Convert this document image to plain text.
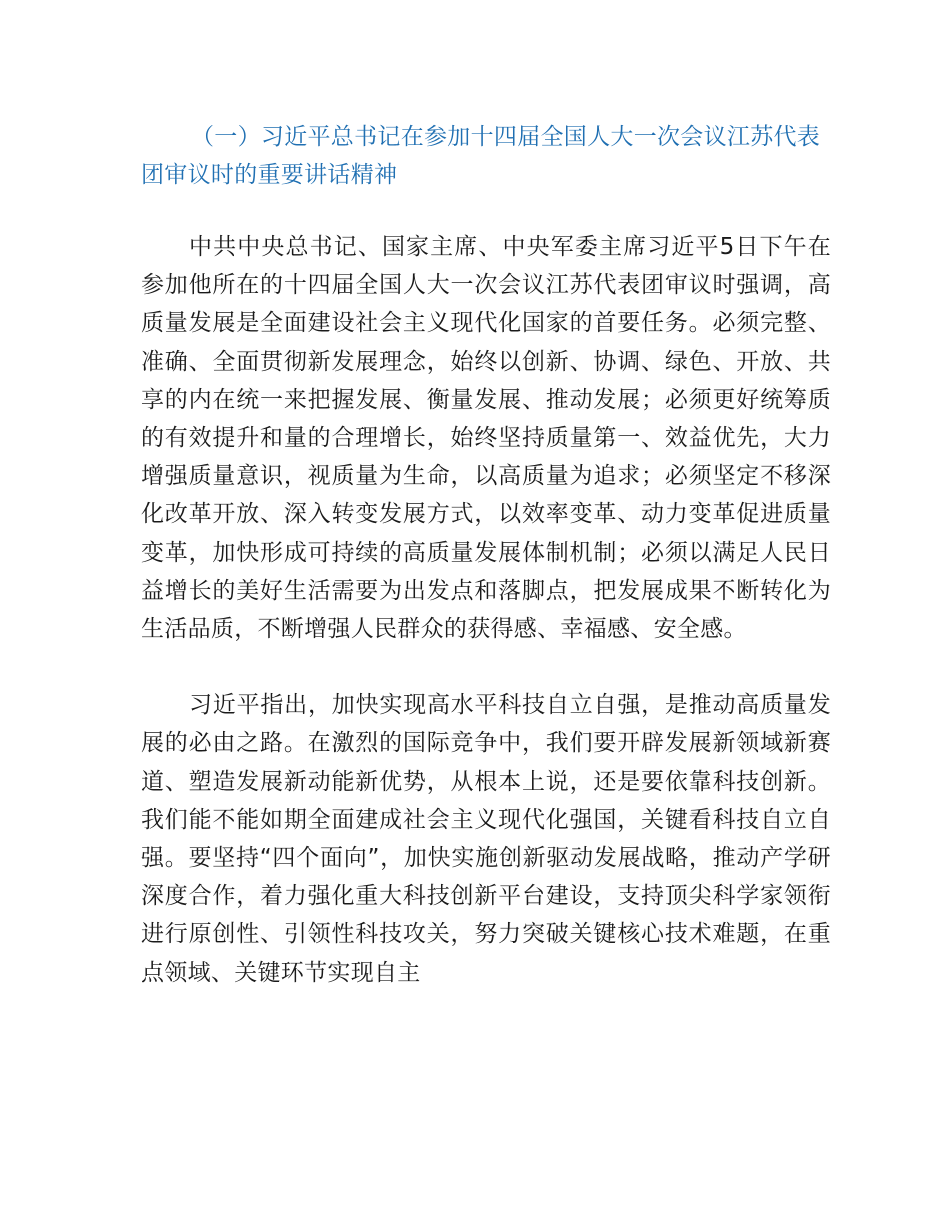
（一）习近平总书记在参加十四届全国人大一次会议江苏代表团审议时的重要讲话精神

中共中央总书记、国家主席、中央军委主席习近平5日下午在参加他所在的十四届全国人大一次会议江苏代表团审议时强调，高质量发展是全面建设社会主义现代化国家的首要任务。必须完整、准确、全面贯彻新发展理念，始终以创新、协调、绿色、开放、共享的内在统一来把握发展、衡量发展、推动发展；必须更好统筹质的有效提升和量的合理增长，始终坚持质量第一、效益优先，大力增强质量意识，视质量为生命，以高质量为追求；必须坚定不移深化改革开放、深入转变发展方式，以效率变革、动力变革促进质量变革，加快形成可持续的高质量发展体制机制；必须以满足人民日益增长的美好生活需要为出发点和落脚点，把发展成果不断转化为生活品质，不断增强人民群众的获得感、幸福感、安全感。

习近平指出，加快实现高水平科技自立自强，是推动高质量发展的必由之路。在激烈的国际竞争中，我们要开辟发展新领域新赛道、塑造发展新动能新优势，从根本上说，还是要依靠科技创新。我们能不能如期全面建成社会主义现代化强国，关键看科技自立自强。要坚持“四个面向”，加快实施创新驱动发展战略，推动产学研深度合作，着力强化重大科技创新平台建设，支持顶尖科学家领衔进行原创性、引领性科技攻关，努力突破关键核心技术难题，在重点领域、关键环节实现自主
